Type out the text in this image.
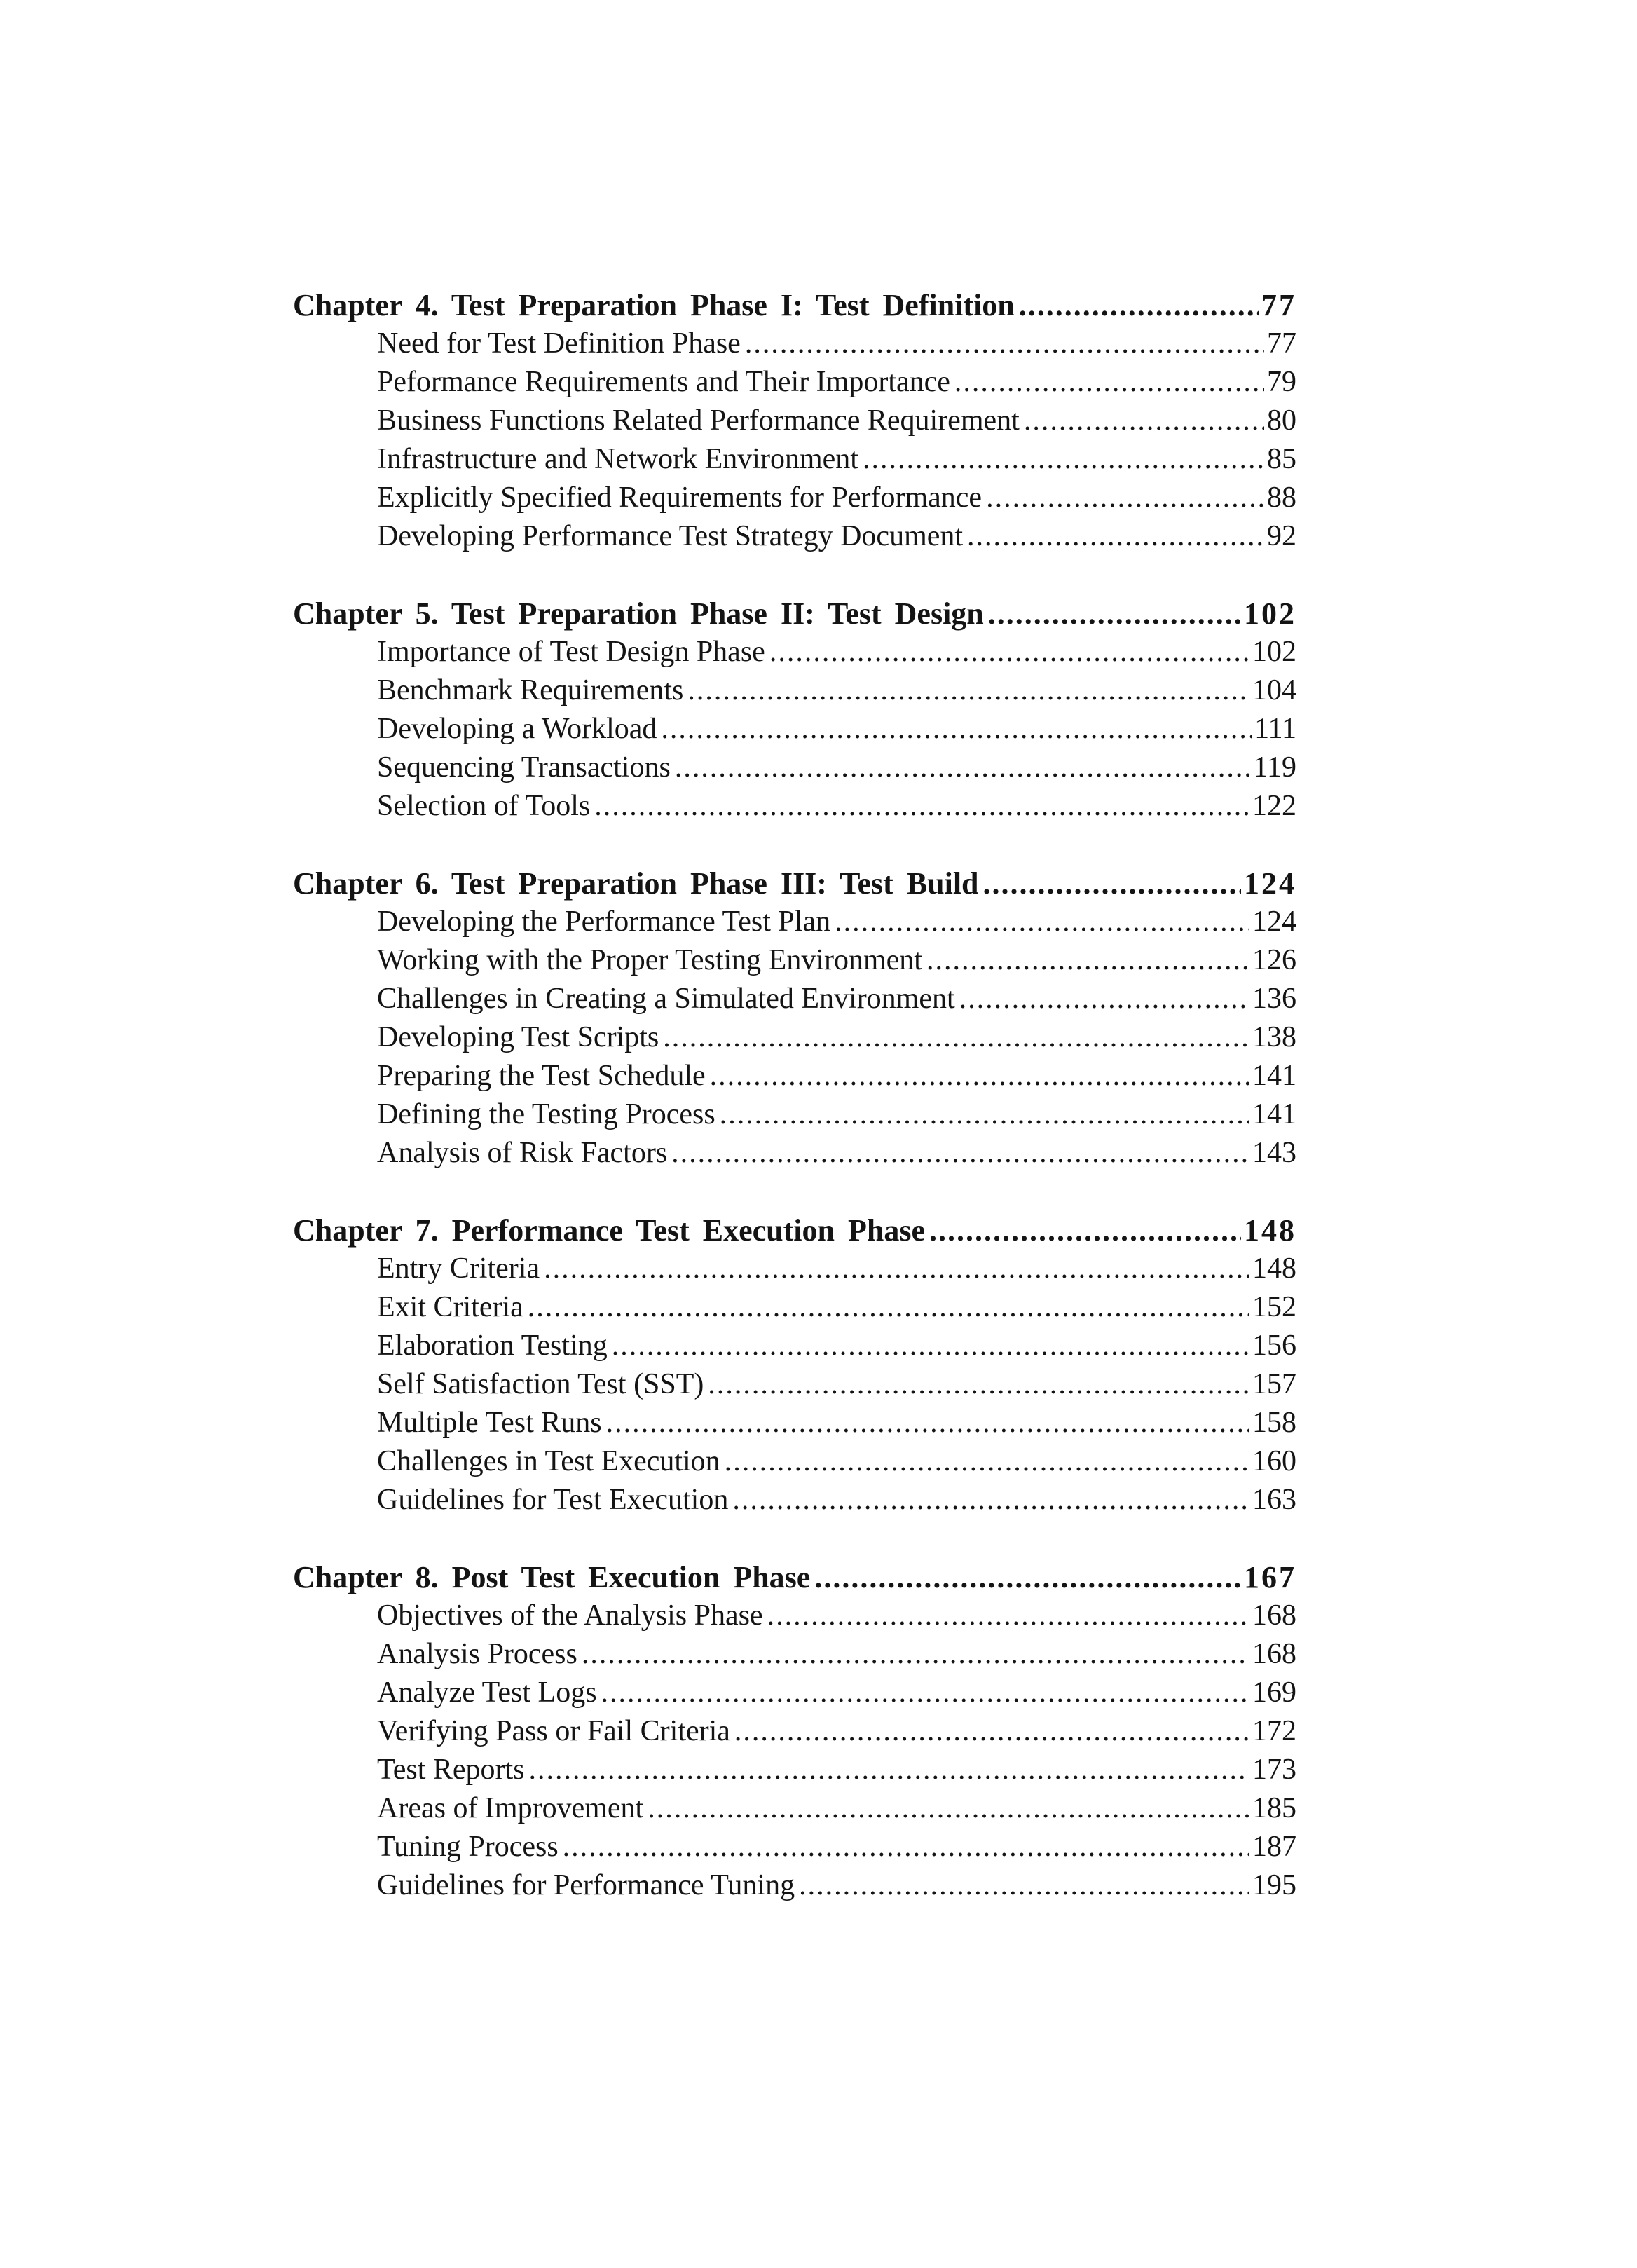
Chapter 4. Test Preparation Phase I: Test Definition .....	77
Need for Test Definition Phase .....	77
Peformance Requirements and Their Importance .....	79
Business Functions Related Performance Requirement .....	80
Infrastructure and Network Environment .....	85
Explicitly Specified Requirements for Performance .....	88
Developing Performance Test Strategy Document .....	92
Chapter 5. Test Preparation Phase II: Test Design .....	102
Importance of Test Design Phase .....	102
Benchmark Requirements .....	104
Developing a Workload .....	111
Sequencing Transactions .....	119
Selection of Tools .....	122
Chapter 6. Test Preparation Phase III: Test Build .....	124
Developing the Performance Test Plan .....	124
Working with the Proper Testing Environment .....	126
Challenges in Creating a Simulated Environment .....	136
Developing Test Scripts .....	138
Preparing the Test Schedule .....	141
Defining the Testing Process .....	141
Analysis of Risk Factors .....	143
Chapter 7. Performance Test Execution Phase .....	148
Entry Criteria .....	148
Exit Criteria .....	152
Elaboration Testing .....	156
Self Satisfaction Test (SST) .....	157
Multiple Test Runs .....	158
Challenges in Test Execution .....	160
Guidelines for Test Execution .....	163
Chapter 8. Post Test Execution Phase .....	167
Objectives of the Analysis Phase .....	168
Analysis Process .....	168
Analyze Test Logs .....	169
Verifying Pass or Fail Criteria .....	172
Test Reports .....	173
Areas of Improvement .....	185
Tuning Process .....	187
Guidelines for Performance Tuning .....	195
